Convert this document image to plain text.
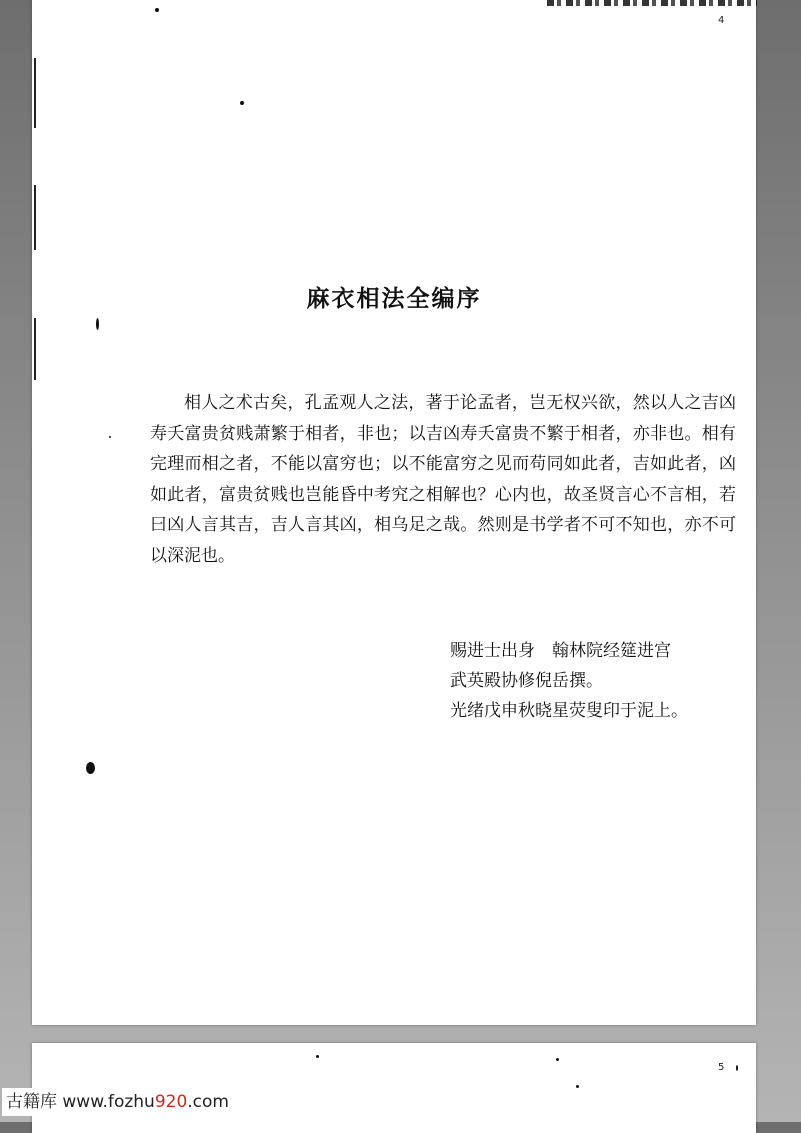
4
麻衣相法全编序

相人之术古矣，孔孟观人之法，著于论孟者，岂无权兴欲，然以人之吉凶寿夭富贵贫贱萧繁于相者，非也；以吉凶寿夭富贵不繁于相者，亦非也。相有完理而相之者，不能以富穷也；以不能富穷之见而苟同如此者，吉如此者，凶如此者，富贵贫贱也岂能昏中考究之相解也？心内也，故圣贤言心不言相，若曰凶人言其吉，吉人言其凶，相乌足之哉。然则是书学者不可不知也，亦不可以深泥也。

赐进士出身　翰林院经筵进宫
武英殿协修倪岳撰。
光绪戊申秋晓星荧叟印于泥上。
5
古籍库 www.fozhu920.com
